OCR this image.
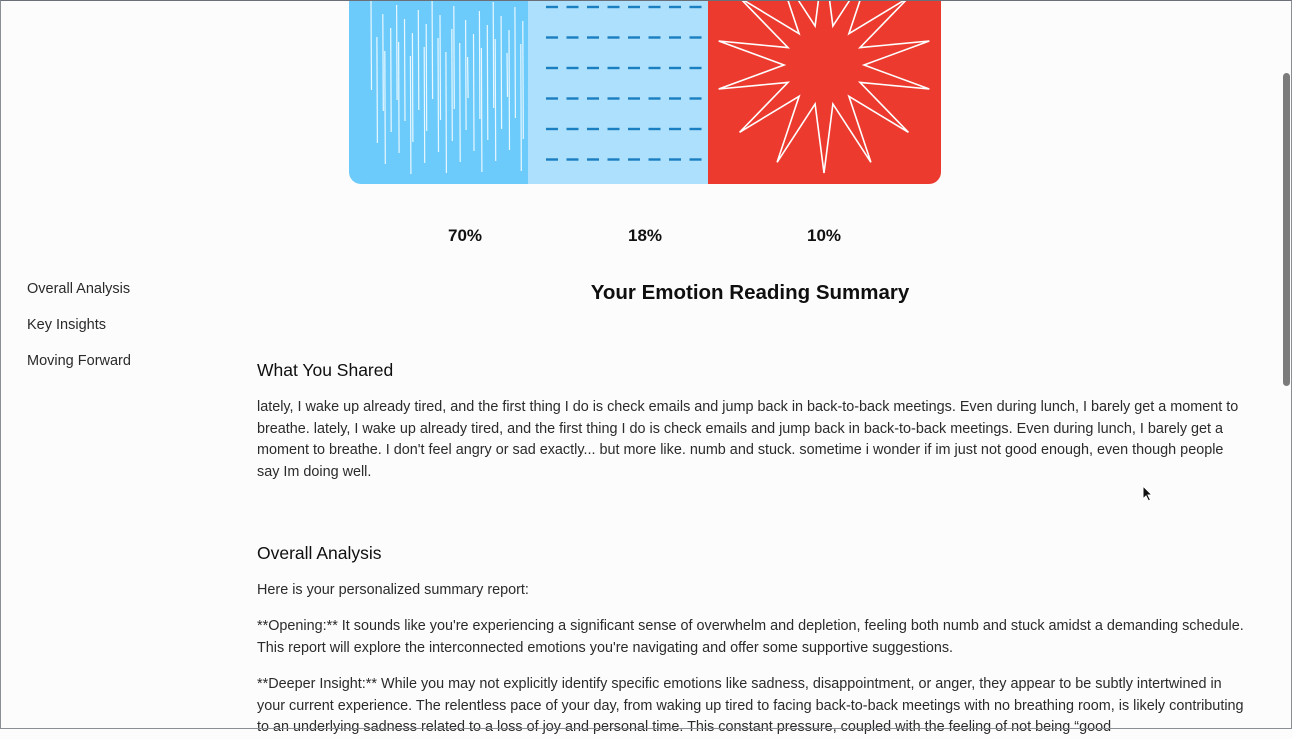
70%	18%	10%
Overall Analysis
Key Insights
Moving Forward
Your Emotion Reading Summary
What You Shared

lately, I wake up already tired, and the first thing I do is check emails and jump back in back-to-back meetings. Even during lunch, I barely get a moment to breathe. lately, I wake up already tired, and the first thing I do is check emails and jump back in back-to-back meetings. Even during lunch, I barely get a moment to breathe. I don't feel angry or sad exactly... but more like. numb and stuck. sometime i wonder if im just not good enough, even though people say Im doing well.

Overall Analysis

Here is your personalized summary report:

**Opening:** It sounds like you're experiencing a significant sense of overwhelm and depletion, feeling both numb and stuck amidst a demanding schedule. This report will explore the interconnected emotions you're navigating and offer some supportive suggestions.

**Deeper Insight:** While you may not explicitly identify specific emotions like sadness, disappointment, or anger, they appear to be subtly intertwined in your current experience. The relentless pace of your day, from waking up tired to facing back-to-back meetings with no breathing room, is likely contributing to an underlying sadness related to a loss of joy and personal time. This constant pressure, coupled with the feeling of not being “good
